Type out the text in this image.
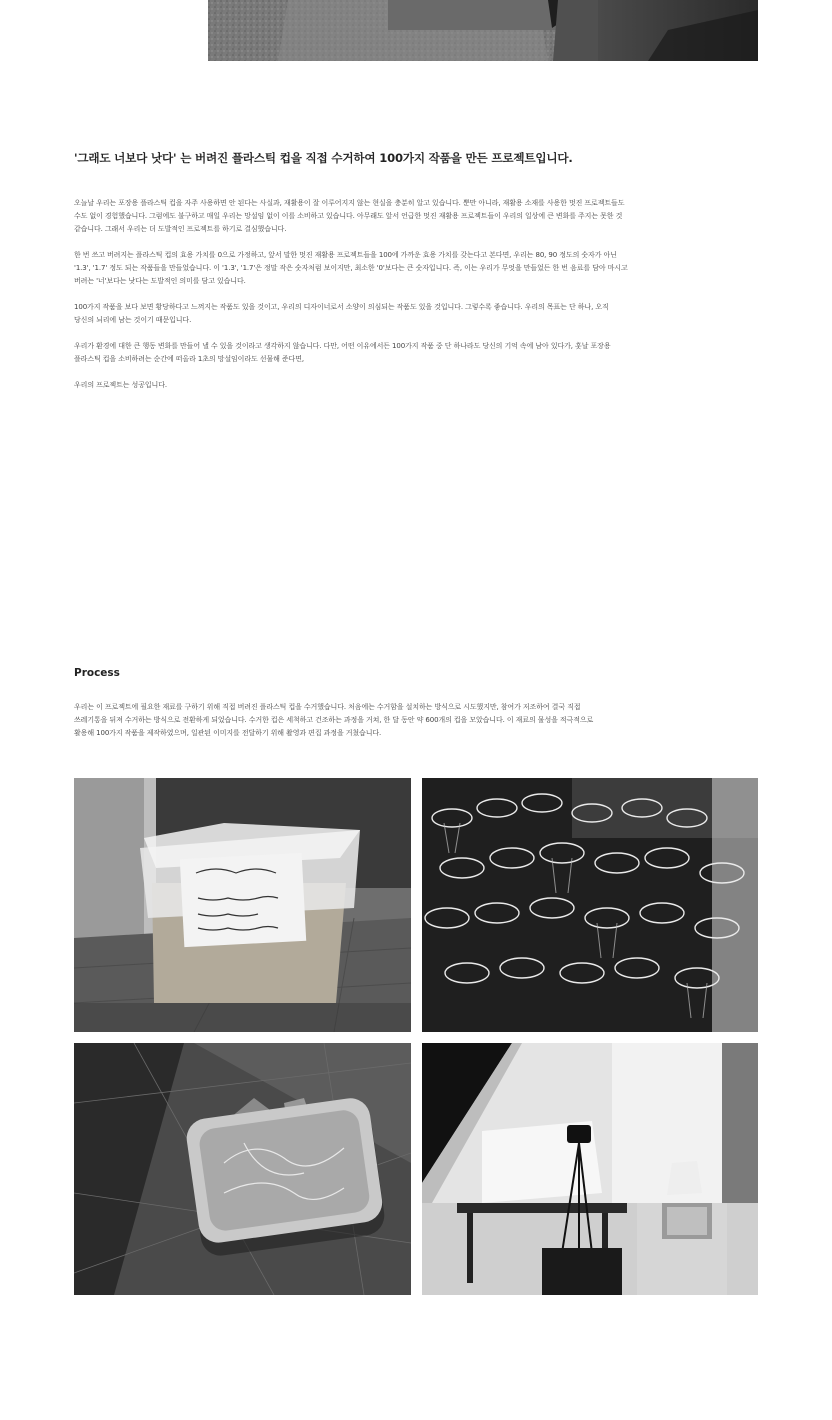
'그래도 너보다 낫다' 는 버려진 플라스틱 컵을 직접 수거하여 100가지 작품을 만든 프로젝트입니다.
오늘날 우리는 포장용 플라스틱 컵을 자주 사용하면 안 된다는 사실과, 재활용이 잘 이루어지지 않는 현실을 충분히 알고 있습니다. 뿐만 아니라, 재활용 소재를 사용한 멋진 프로젝트들도
수도 없이 경험했습니다. 그럼에도 불구하고 매일 우리는 망설임 없이 이를 소비하고 있습니다. 아무래도 앞서 언급한 멋진 재활용 프로젝트들이 우리의 일상에 큰 변화를 주지는 못한 것
같습니다. 그래서 우리는 더 도발적인 프로젝트를 하기로 결심했습니다.
한 번 쓰고 버려지는 플라스틱 컵의 효용 가치를 0으로 가정하고, 앞서 말한 멋진 재활용 프로젝트들을 100에 가까운 효용 가치를 갖는다고 본다면, 우리는 80, 90 정도의 숫자가 아닌
'1.3', '1.7' 정도 되는 작품들을 만들었습니다. 이 '1.3', '1.7'은 정말 작은 숫자처럼 보이지만, 최소한 '0'보다는 큰 숫자입니다. 즉, 이는 우리가 무엇을 만들었든 한 번 음료를 담아 마시고
버려는 '너'보다는 낫다는 도발적인 의미를 담고 있습니다.
100가지 작품을 보다 보면 황당하다고 느껴지는 작품도 있을 것이고, 우리의 디자이너로서 소양이 의심되는 작품도 있을 것입니다. 그렇수록 좋습니다. 우리의 목표는 단 하나, 오직
당신의 뇌리에 남는 것이기 때문입니다.
우리가 환경에 대한 큰 행동 변화를 만들어 낼 수 있을 것이라고 생각하지 않습니다. 다만, 어떤 이유에서든 100가지 작품 중 단 하나라도 당신의 기억 속에 남아 있다가, 훗날 포장용
플라스틱 컵을 소비하려는 순간에 떠올라 1초의 망설임이라도 선물해 준다면,
우리의 프로젝트는 성공입니다.
Process
우리는 이 프로젝트에 필요한 재료를 구하기 위해 직접 버려진 플라스틱 컵을 수거했습니다. 처음에는 수거함을 설치하는 방식으로 시도했지만, 참여가 저조하여 결국 직접
쓰레기통을 뒤져 수거하는 방식으로 전환하게 되었습니다. 수거한 컵은 세척하고 건조하는 과정을 거쳐, 한 달 동안 약 600개의 컵을 모았습니다. 이 재료의 물성을 적극적으로
활용해 100가지 작품을 제작하였으며, 일관된 이미지를 전달하기 위해 촬영과 편집 과정을 거쳤습니다.
